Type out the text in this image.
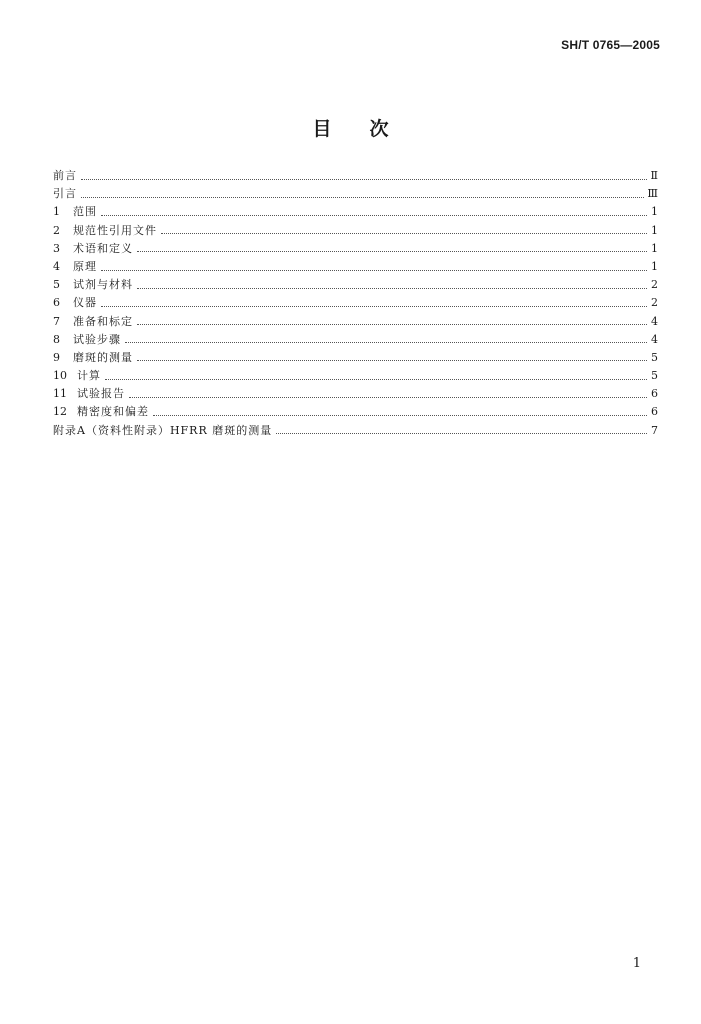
SH/T 0765—2005
目 次
前言	Ⅱ
引言	Ⅲ
1	范围	1
2	规范性引用文件	1
3	术语和定义	1
4	原理	1
5	试剂与材料	2
6	仪器	2
7	准备和标定	4
8	试验步骤	4
9	磨斑的测量	5
10 计算	5
11 试验报告	6
12 精密度和偏差	6
附录A（资料性附录）HFRR 磨斑的测量	7
1
